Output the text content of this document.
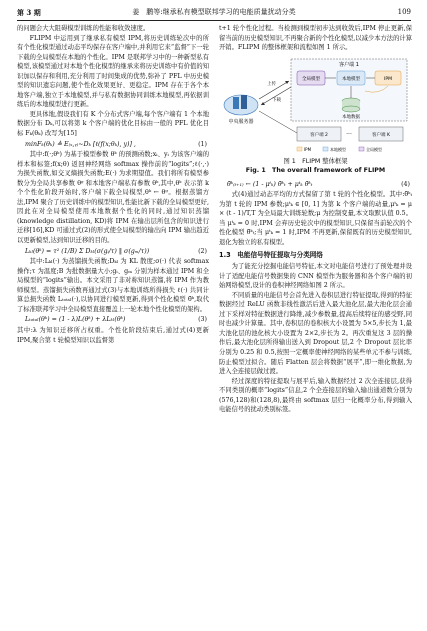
第 3 期	姜　鹏等:继承私有模型联邦学习的电能质量扰动分类	109

的问题会大大阻碍模型训练的性能和收敛速度。

FLIPM 中运用到了继承私有模型 IPM,将历史训练轮次中的所有个性化模型通过动态平均保存在客户端中,并利用它来“监督”下一轮下载的全局模型在本地的个性化。IPM 是联邦学习中的一种新型私有模型,该模型通过对本地个性化模型的继承来将历史训练中有价值的知识加以保存和利用,充分利用了时间集成的优势,弥补了 PFL 中历史模型的知识遗忘问题,使个性化效果更好、更稳定。IPM 存在于各个本地客户端,独立于本地模型,并与私有数据协同训练本地模型,再依据训练后的本地模型进行更新。

更具体地,假设我们有 K 个分布式客户端,每个客户端有 1 个本地数据分布 Dₖ,可以将第 k 个客户端的优化目标由一般的 PFL 优化目标 Fₖ(θₖ) 改写为[15]

minFₖ(θₖ) ≜ E₍ₓ,ᵧ₎~Dₖ [ℓ(f(x;θₖ), y)] ,	(1)

其中:f(·;θᵏ) 为基于模型参数 θᵏ 的预测函数;xᵢ、yᵢ 为该客户端的样本和标签;f(x;θ) 返回神经网络 softmax 操作前的“logits”;ℓ(·,·) 为损失函数,如交叉熵损失函数;E(·) 为求期望值。我们将所有模型参数分为全局共享参数 θᵍ 和本地客户端私有参数 θᵏ,其中,θᵏ 表示第 k 个个性化阶段开始时,客户端下载全局模型,θᵏ ← θᵍ。根据蒸馏方法,IPM 聚合了历史训练中的模型知识,性能比新下载的全局模型更好,因此在对全局模型使用本地数据个性化的同时,通过知识蒸馏(knowledge distillation, KD)将 IPM 在输出层所包含的知识进行迁移[16],KD 可通过式(2)的形式使全局模型的输出向 IPM 输出趋近以更新模型,达到知识迁移的目的。

Lₖₗ(θᵏ) = τ² (1/B) Σ Dₖₗ(σ(gᵢ/τ) ‖ σ(gₘ/τ))	(2)

其中:Lₖₗ(·) 为蒸馏损失函数;Dₖₗ 为 KL 散度;σ(·) 代表 softmax 操作;τ 为温度;B 为批数据量大小;gᵢ、gₘ 分别为样本通过 IPM 和全局模型的“logits”输出。本文采用了非对称知识蒸馏,将 IPM 作为教师模型。蒸馏损失函数再通过式(3)与本地训练所得损失 ℓ(·) 共同计算总损失函数 Lₜₒₜₐₗ(·),以协同进行模型更新,得到个性化模型 θ̃ᵏ,取代了标准联邦学习中全局模型直接覆盖上一轮本地个性化模型的架构。

Lₜₒₜₐₗ(θᵏ) = (1 - λ)L(θᵏ) + λLₖₗ(θᵏ)	(3)

其中:λ 为知识迁移所占权重。个性化阶段结束后,通过式(4)更新 IPM,聚合第 t 轮模型知识以监督第

t+1 轮个性化过程。当检测到模型初步达到收敛后,IPM 停止更新,保留当前的历史模型知识,不再聚合新的个性化模型,以减少本方法的计算开销。FLIPM 的整体框架和流程如图 1 所示。

中央服务器
上传
下载
客户端 1
全局模型	本地模型	IPM
本地数据
客户端 2	···	客户端 K
IPM	本地模型	全局模型
图 1　FLIPM 整体框架
Fig. 1　The overall framework of FLIPM
θ̃ᵏ₍ₜ₊₁₎ ← (1 - μᵗₖ) θ̃ᵏₜ + μᵗₖ θ̃ᵏₜ	(4)

式(4)通过动态平均的方式保留了第 t 轮的个性化模型。其中:θ̃ᵏₜ 为第 t 轮的 IPM 参数;μᵗₖ ∈ [0, 1] 为第 k 个客户端的动量,μᵗₖ = μ × (t - 1)/T,T 为全局最大训练轮数;μ 为控制变量,本文取默认值 0.5。当 μᵗₖ = 0 时,IPM 会弃历史轮次中的模型知识,只保留当前轮次的个性化模型 θ̃ᵏₜ;当 μᵗₖ = 1 时,IPM 不再更新,保留既有的历史模型知识,退化为独立的私有模型。

1.3　电能信号特征提取与分类网络

为了能充分挖掘电能信号特征,本文对电能信号进行了预处理并设计了适配电能信号数据集的 CNN 模型作为服务器和各个客户端的初始网络模型,设计的卷积神经网络如图 2 所示。

不同质量的电能信号会首先进入卷积层进行特征提取,得到的特征数据经过 ReLU 函数非线性激活后进入最大池化层,最大池化层会通过下采样对特征数据进行降维,减少参数量,提高后续特征的感受野,同时也减少计算量。其中,卷积层的卷积核大小设置为 5×5,步长为 1,最大池化层的池化核大小设置为 2×2,步长为 2。再次重复这 3 层的操作后,最大池化层所得输出送入到 Dropout 层,2 个 Dropout 层比率分别为 0.25 和 0.5,按照一定概率使神经网络的某些单元不参与训练,防止模型过拟合。随后 Flatten 层会将数据“展平”,即一维化数据,为进入全连接层做过渡。

经过深度的特征提取与展平后,输入数据经过 2 次全连接层,获得不同类别的概率“logits”信息,2 个全连接层的输入输出通道数分别为(576,128)和(128,8),最终由 softmax 层归一化概率分布,得到输入电能信号的扰动类别标签。
